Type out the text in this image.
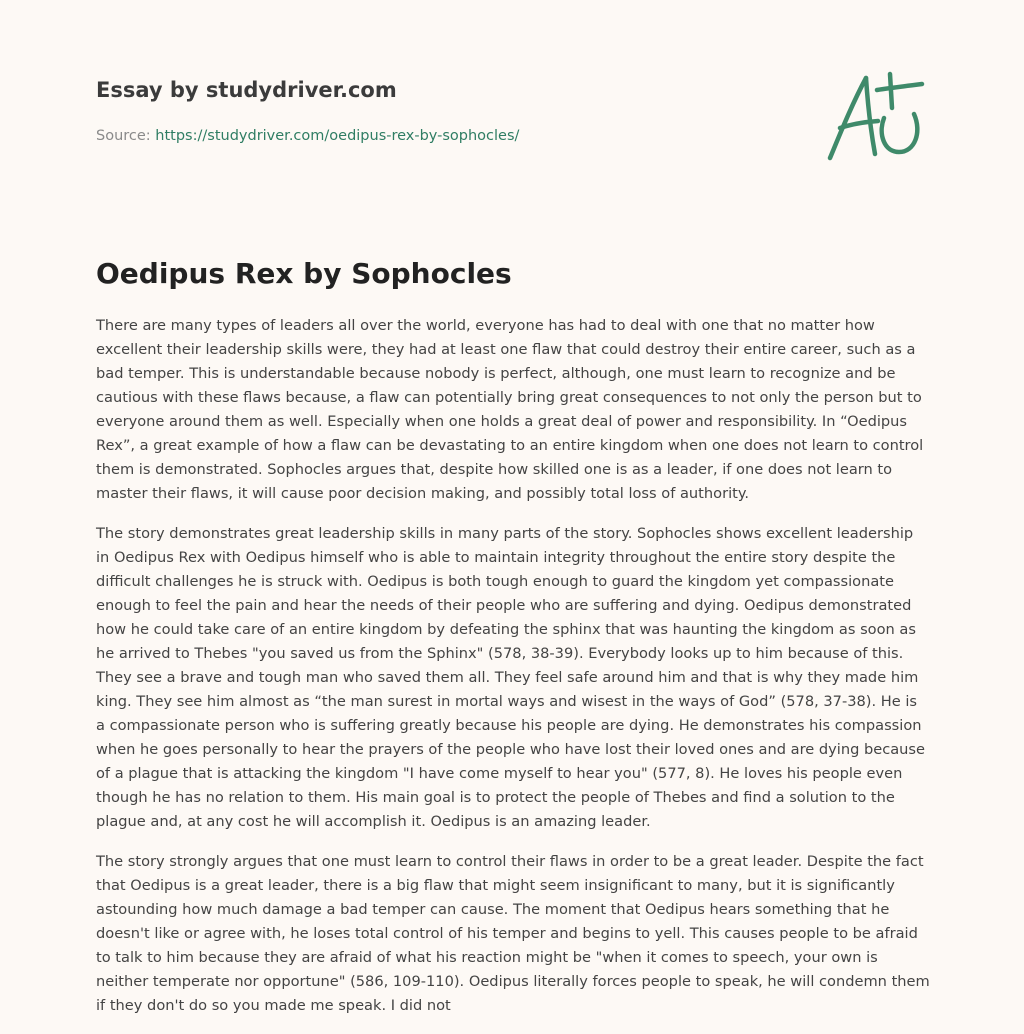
Essay by studydriver.com
Source: https://studydriver.com/oedipus-rex-by-sophocles/
Oedipus Rex by Sophocles

There are many types of leaders all over the world, everyone has had to deal with one that no matter how excellent their leadership skills were, they had at least one flaw that could destroy their entire career, such as a bad temper. This is understandable because nobody is perfect, although, one must learn to recognize and be cautious with these flaws because, a flaw can potentially bring great consequences to not only the person but to everyone around them as well. Especially when one holds a great deal of power and responsibility. In “Oedipus Rex”, a great example of how a flaw can be devastating to an entire kingdom when one does not learn to control them is demonstrated. Sophocles argues that, despite how skilled one is as a leader, if one does not learn to master their flaws, it will cause poor decision making, and possibly total loss of authority.

The story demonstrates great leadership skills in many parts of the story. Sophocles shows excellent leadership in Oedipus Rex with Oedipus himself who is able to maintain integrity throughout the entire story despite the difficult challenges he is struck with. Oedipus is both tough enough to guard the kingdom yet compassionate enough to feel the pain and hear the needs of their people who are suffering and dying. Oedipus demonstrated how he could take care of an entire kingdom by defeating the sphinx that was haunting the kingdom as soon as he arrived to Thebes "you saved us from the Sphinx" (578, 38-39). Everybody looks up to him because of this. They see a brave and tough man who saved them all. They feel safe around him and that is why they made him king. They see him almost as “the man surest in mortal ways and wisest in the ways of God” (578, 37-38). He is a compassionate person who is suffering greatly because his people are dying. He demonstrates his compassion when he goes personally to hear the prayers of the people who have lost their loved ones and are dying because of a plague that is attacking the kingdom "I have come myself to hear you" (577, 8). He loves his people even though he has no relation to them. His main goal is to protect the people of Thebes and find a solution to the plague and, at any cost he will accomplish it. Oedipus is an amazing leader.

The story strongly argues that one must learn to control their flaws in order to be a great leader. Despite the fact that Oedipus is a great leader, there is a big flaw that might seem insignificant to many, but it is significantly astounding how much damage a bad temper can cause. The moment that Oedipus hears something that he doesn't like or agree with, he loses total control of his temper and begins to yell. This causes people to be afraid to talk to him because they are afraid of what his reaction might be "when it comes to speech, your own is neither temperate nor opportune" (586, 109-110). Oedipus literally forces people to speak, he will condemn them if they don't do so you made me speak. I did not
